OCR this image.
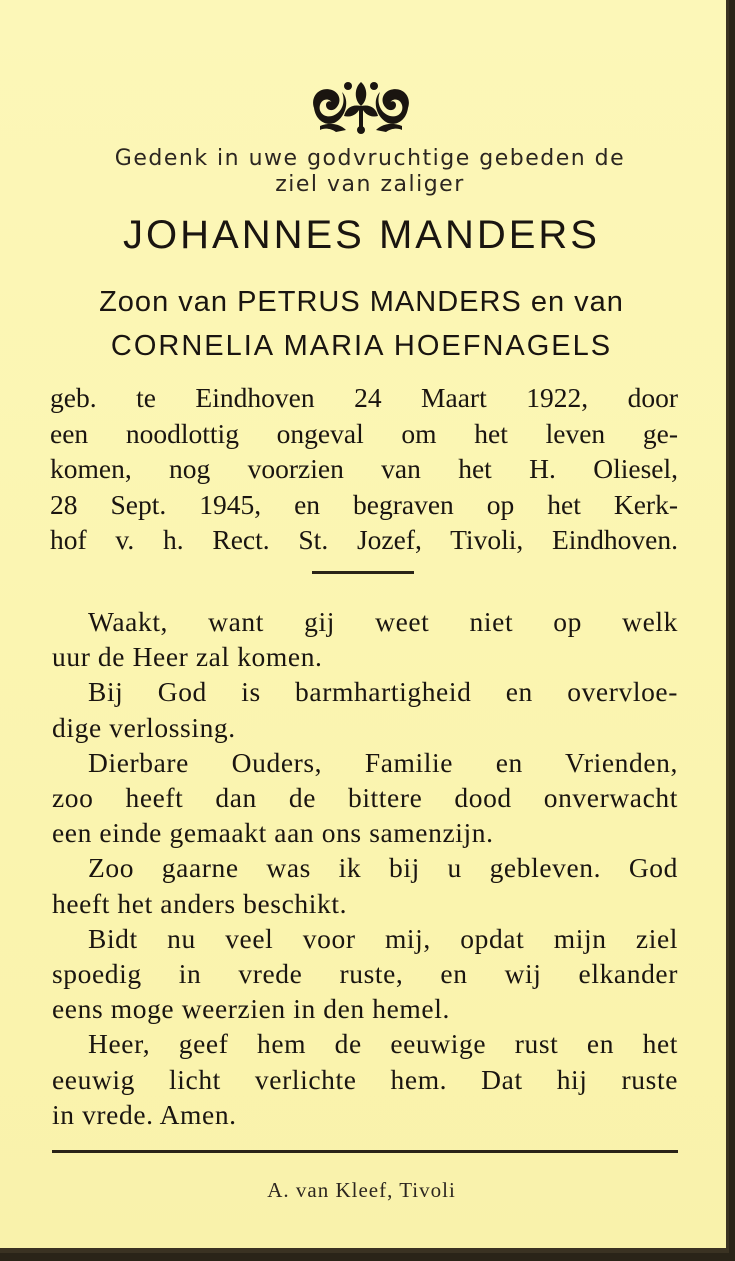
Gedenk in uwe godvruchtige gebeden de
ziel van zaliger
JOHANNES MANDERS
Zoon van PETRUS MANDERS en van
CORNELIA MARIA HOEFNAGELS
geb. te Eindhoven 24 Maart 1922, door
een noodlottig ongeval om het leven ge-
komen, nog voorzien van het H. Oliesel,
28 Sept. 1945, en begraven op het Kerk-
hof v. h. Rect. St. Jozef, Tivoli, Eindhoven.
Waakt, want gij weet niet op welk
uur de Heer zal komen.
Bij God is barmhartigheid en overvloe-
dige verlossing.
Dierbare Ouders, Familie en Vrienden,
zoo heeft dan de bittere dood onverwacht
een einde gemaakt aan ons samenzijn.
Zoo gaarne was ik bij u gebleven. God
heeft het anders beschikt.
Bidt nu veel voor mij, opdat mijn ziel
spoedig in vrede ruste, en wij elkander
eens moge weerzien in den hemel.
Heer, geef hem de eeuwige rust en het
eeuwig licht verlichte hem. Dat hij ruste
in vrede. Amen.
A. van Kleef, Tivoli
